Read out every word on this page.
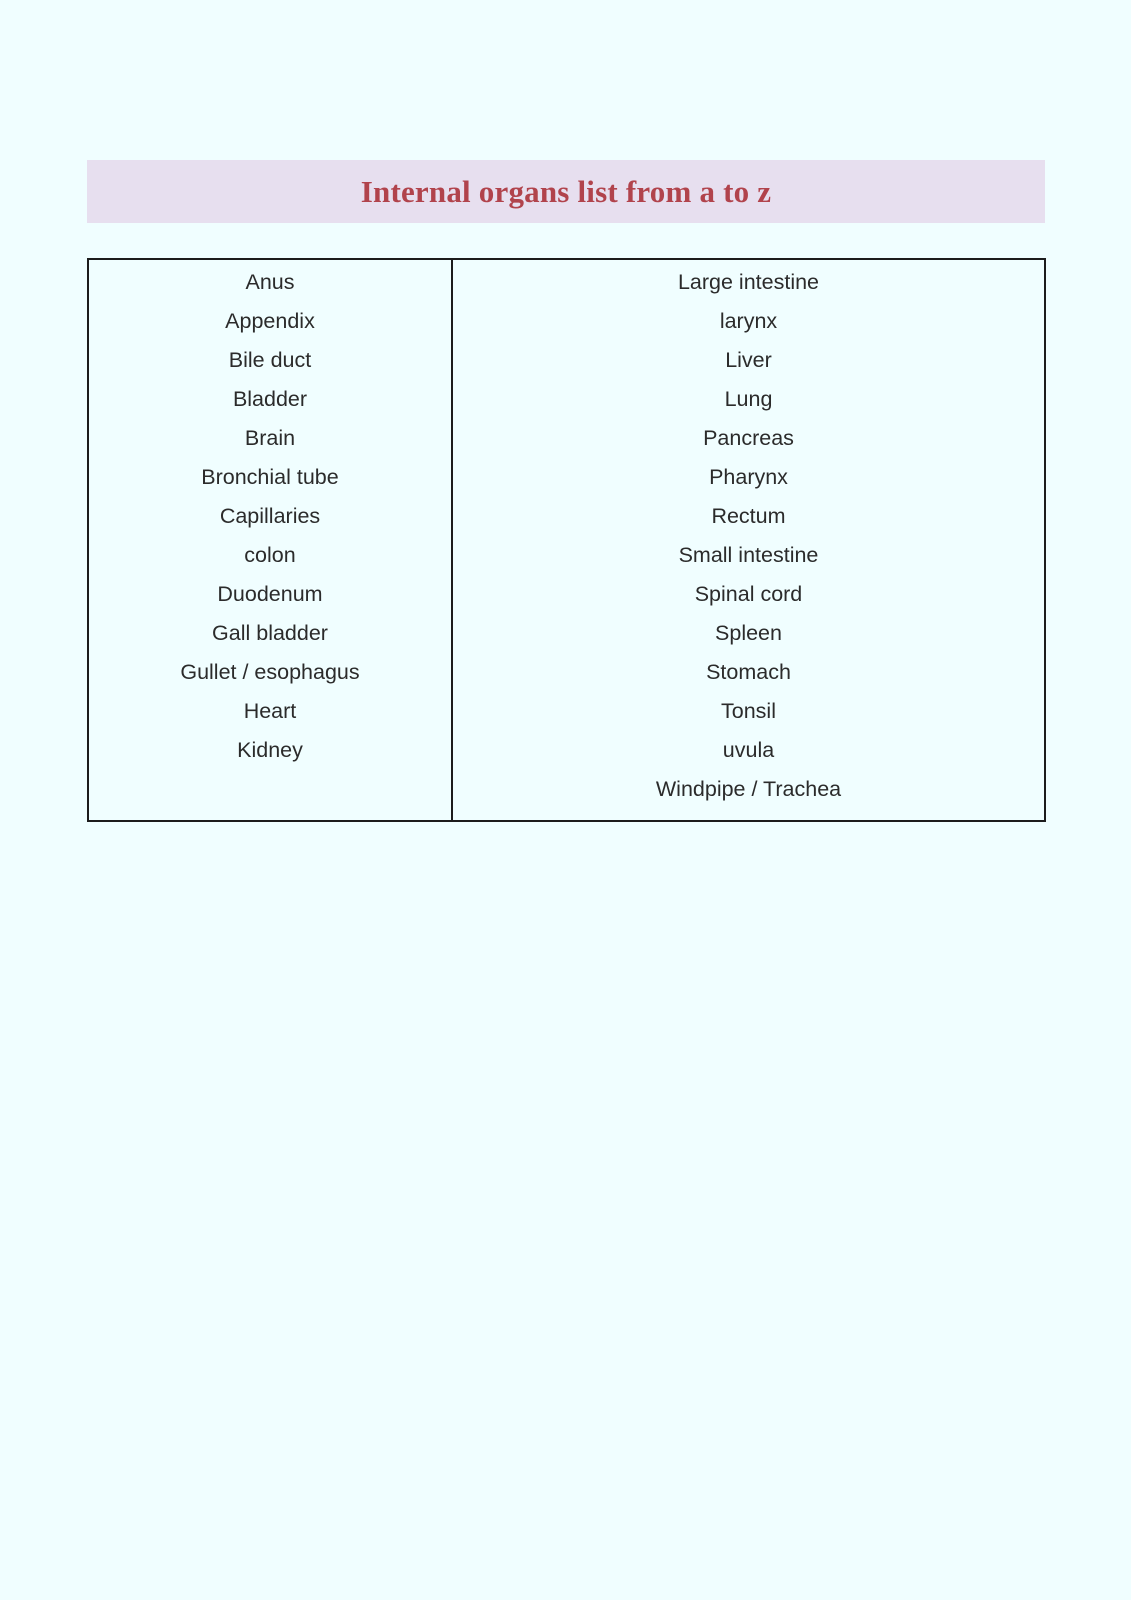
Internal organs list from a to z
Anus
Appendix
Bile duct
Bladder
Brain
Bronchial tube
Capillaries
colon
Duodenum
Gall bladder
Gullet / esophagus
Heart
Kidney
Large intestine
larynx
Liver
Lung
Pancreas
Pharynx
Rectum
Small intestine
Spinal cord
Spleen
Stomach
Tonsil
uvula
Windpipe / Trachea
